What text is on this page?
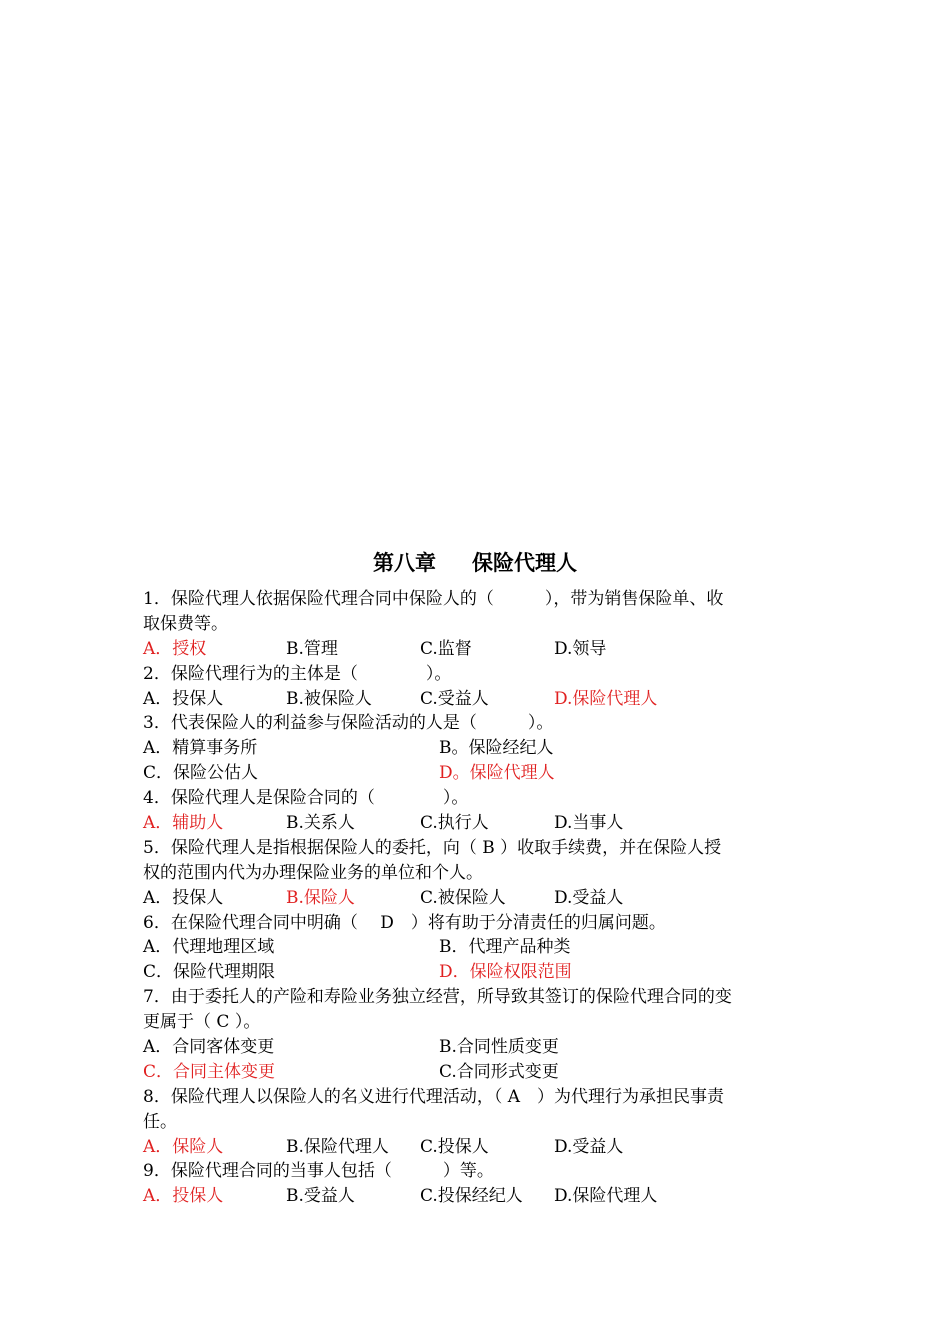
第八章 保险代理人
1．保险代理人依据保险代理合同中保险人的（　　　），带为销售保险单、收
取保费等。
A．授权	B.管理	C.监督	D.领导
2．保险代理行为的主体是（　　　　）。
A．投保人	B.被保险人	C.受益人	D.保险代理人
3．代表保险人的利益参与保险活动的人是（　　　）。
A．精算事务所	B。保险经纪人
C．保险公估人	D。保险代理人
4．保险代理人是保险合同的（　　　　）。
A．辅助人	B.关系人	C.执行人	D.当事人
5．保险代理人是指根据保险人的委托，向（ B ）收取手续费，并在保险人授
权的范围内代为办理保险业务的单位和个人。
A．投保人	B.保险人	C.被保险人	D.受益人
6．在保险代理合同中明确（　 D　）将有助于分清责任的归属问题。
A．代理地理区域	B．代理产品种类
C．保险代理期限	D．保险权限范围
7．由于委托人的产险和寿险业务独立经营，所导致其签订的保险代理合同的变
更属于（ C ）。
A．合同客体变更	B.合同性质变更
C．合同主体变更	C.合同形式变更
8．保险代理人以保险人的名义进行代理活动，（ A　）为代理行为承担民事责
任。
A．保险人	B.保险代理人 C.投保人	D.受益人
9．保险代理合同的当事人包括（　　　）等。
A．投保人	B.受益人	C.投保经纪人 D.保险代理人
